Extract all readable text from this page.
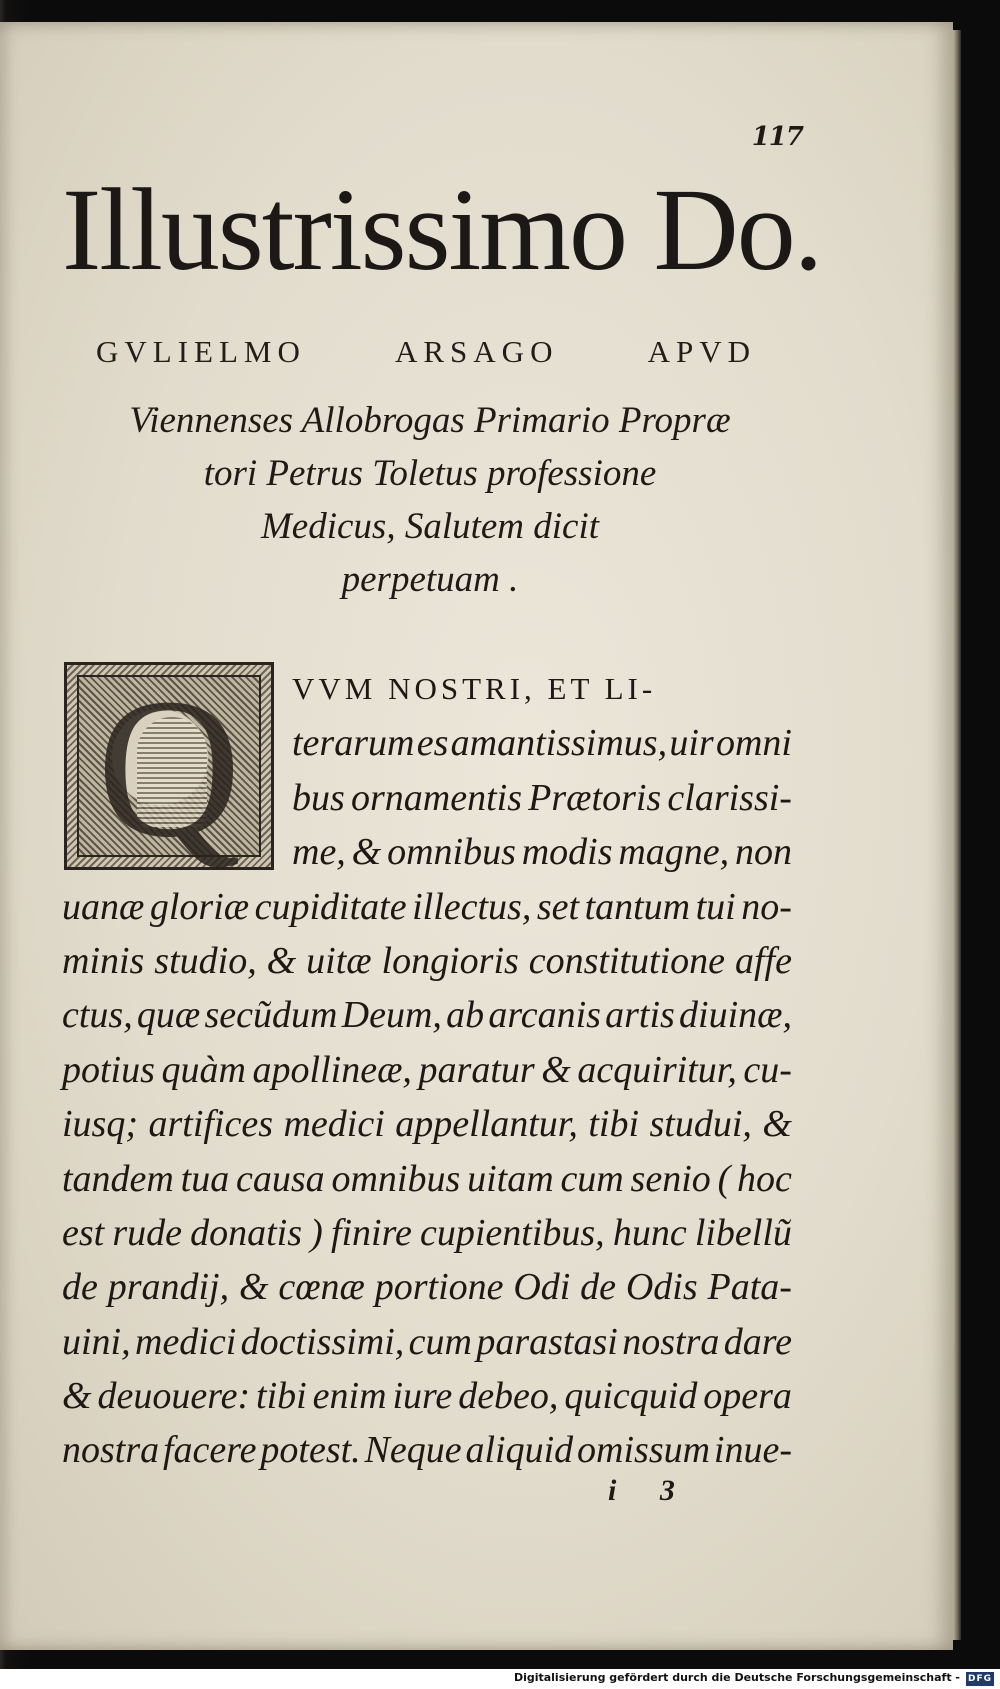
117
Illustrissimo Do.
GVLIELMO	ARSAGO	APVD
Viennenses Allobrogas Primario Propræ
tori Petrus Toletus professione
Medicus, Salutem dicit
perpetuam .
Q	VVM NOSTRI, ET LI-
terarum es amantissimus, uir omni
bus ornamentis Prætoris clarissi-
me, & omnibus modis magne, non
uanæ gloriæ cupiditate illectus, set tantum tui no-
minis studio, & uitæ longioris constitutione affe
ctus, quæ secũdum Deum, ab arcanis artis diuinæ,
potius quàm apollineæ, paratur & acquiritur, cu-
iusq; artifices medici appellantur, tibi studui, &
tandem tua causa omnibus uitam cum senio ( hoc
est rude donatis ) finire cupientibus, hunc libellũ
de prandij, & cœnæ portione Odi de Odis Pata-
uini, medici doctissimi, cum parastasi nostra dare
& deuouere: tibi enim iure debeo, quicquid opera
nostra facere potest. Neque aliquid omissum inue-
i 3
Digitalisierung gefördert durch die Deutsche Forschungsgemeinschaft - DFG
